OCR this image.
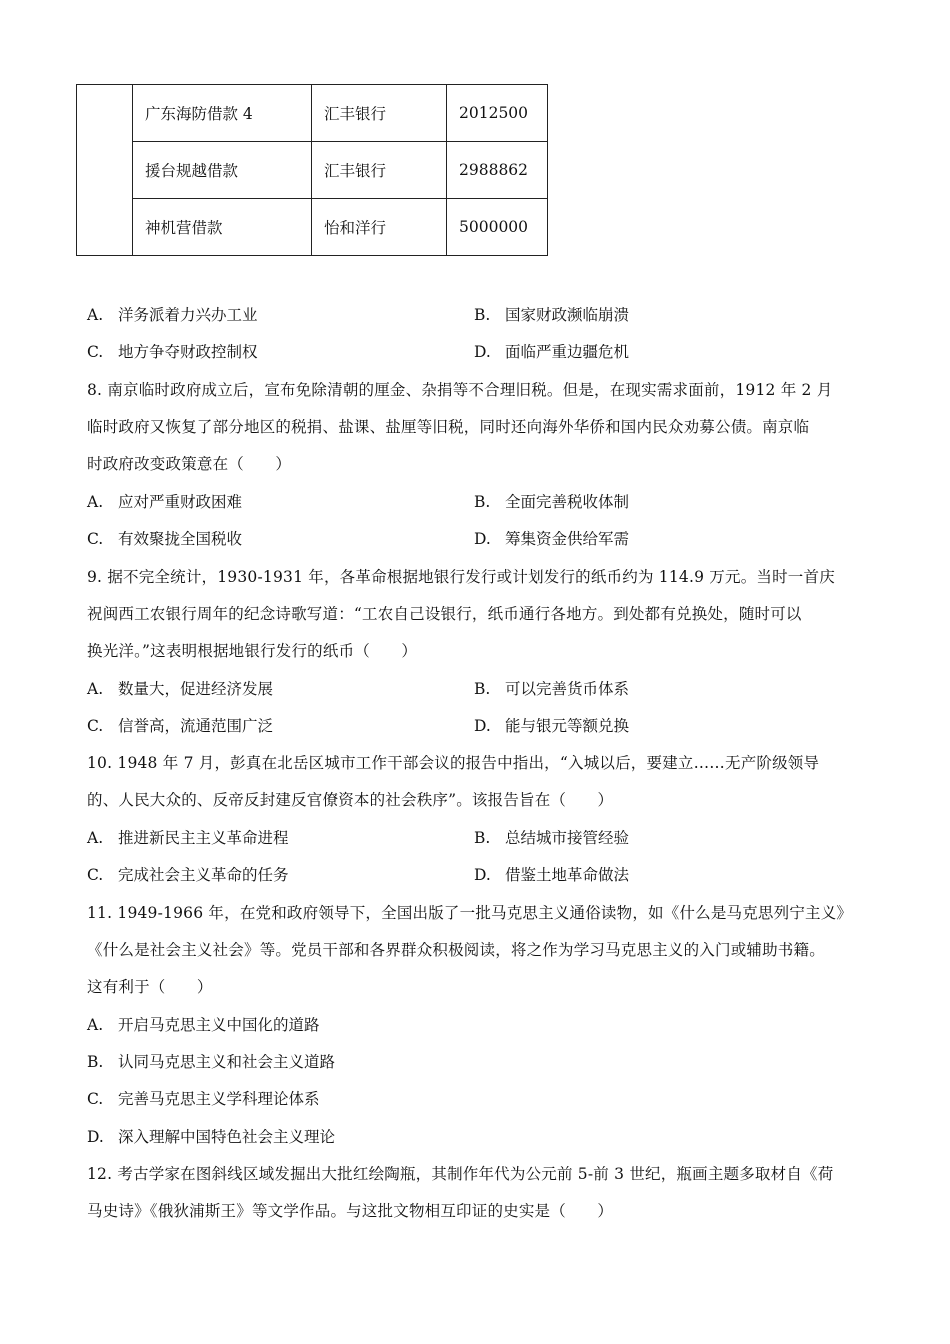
	广东海防借款 4	汇丰银行	2012500
	援台规越借款	汇丰银行	2988862
	神机营借款	怡和洋行	5000000
A. 洋务派着力兴办工业	B. 国家财政濒临崩溃
C. 地方争夺财政控制权	D. 面临严重边疆危机
8. 南京临时政府成立后，宣布免除清朝的厘金、杂捐等不合理旧税。但是，在现实需求面前，1912 年 2 月
临时政府又恢复了部分地区的税捐、盐课、盐厘等旧税，同时还向海外华侨和国内民众劝募公债。南京临
时政府改变政策意在（　　）
A. 应对严重财政困难	B. 全面完善税收体制
C. 有效聚拢全国税收	D. 筹集资金供给军需
9. 据不完全统计，1930-1931 年，各革命根据地银行发行或计划发行的纸币约为 114.9 万元。当时一首庆
祝闽西工农银行周年的纪念诗歌写道：“工农自己设银行，纸币通行各地方。到处都有兑换处，随时可以
换光洋。”这表明根据地银行发行的纸币（　　）
A. 数量大，促进经济发展	B. 可以完善货币体系
C. 信誉高，流通范围广泛	D. 能与银元等额兑换
10. 1948 年 7 月，彭真在北岳区城市工作干部会议的报告中指出，“入城以后，要建立……无产阶级领导
的、人民大众的、反帝反封建反官僚资本的社会秩序”。该报告旨在（　　）
A. 推进新民主主义革命进程	B. 总结城市接管经验
C. 完成社会主义革命的任务	D. 借鉴土地革命做法
11. 1949-1966 年，在党和政府领导下，全国出版了一批马克思主义通俗读物，如《什么是马克思列宁主义》
《什么是社会主义社会》等。党员干部和各界群众积极阅读，将之作为学习马克思主义的入门或辅助书籍。
这有利于（　　）
A. 开启马克思主义中国化的道路
B. 认同马克思主义和社会主义道路
C. 完善马克思主义学科理论体系
D. 深入理解中国特色社会主义理论
12. 考古学家在图斜线区域发掘出大批红绘陶瓶，其制作年代为公元前 5-前 3 世纪，瓶画主题多取材自《荷
马史诗》《俄狄浦斯王》等文学作品。与这批文物相互印证的史实是（　　）
